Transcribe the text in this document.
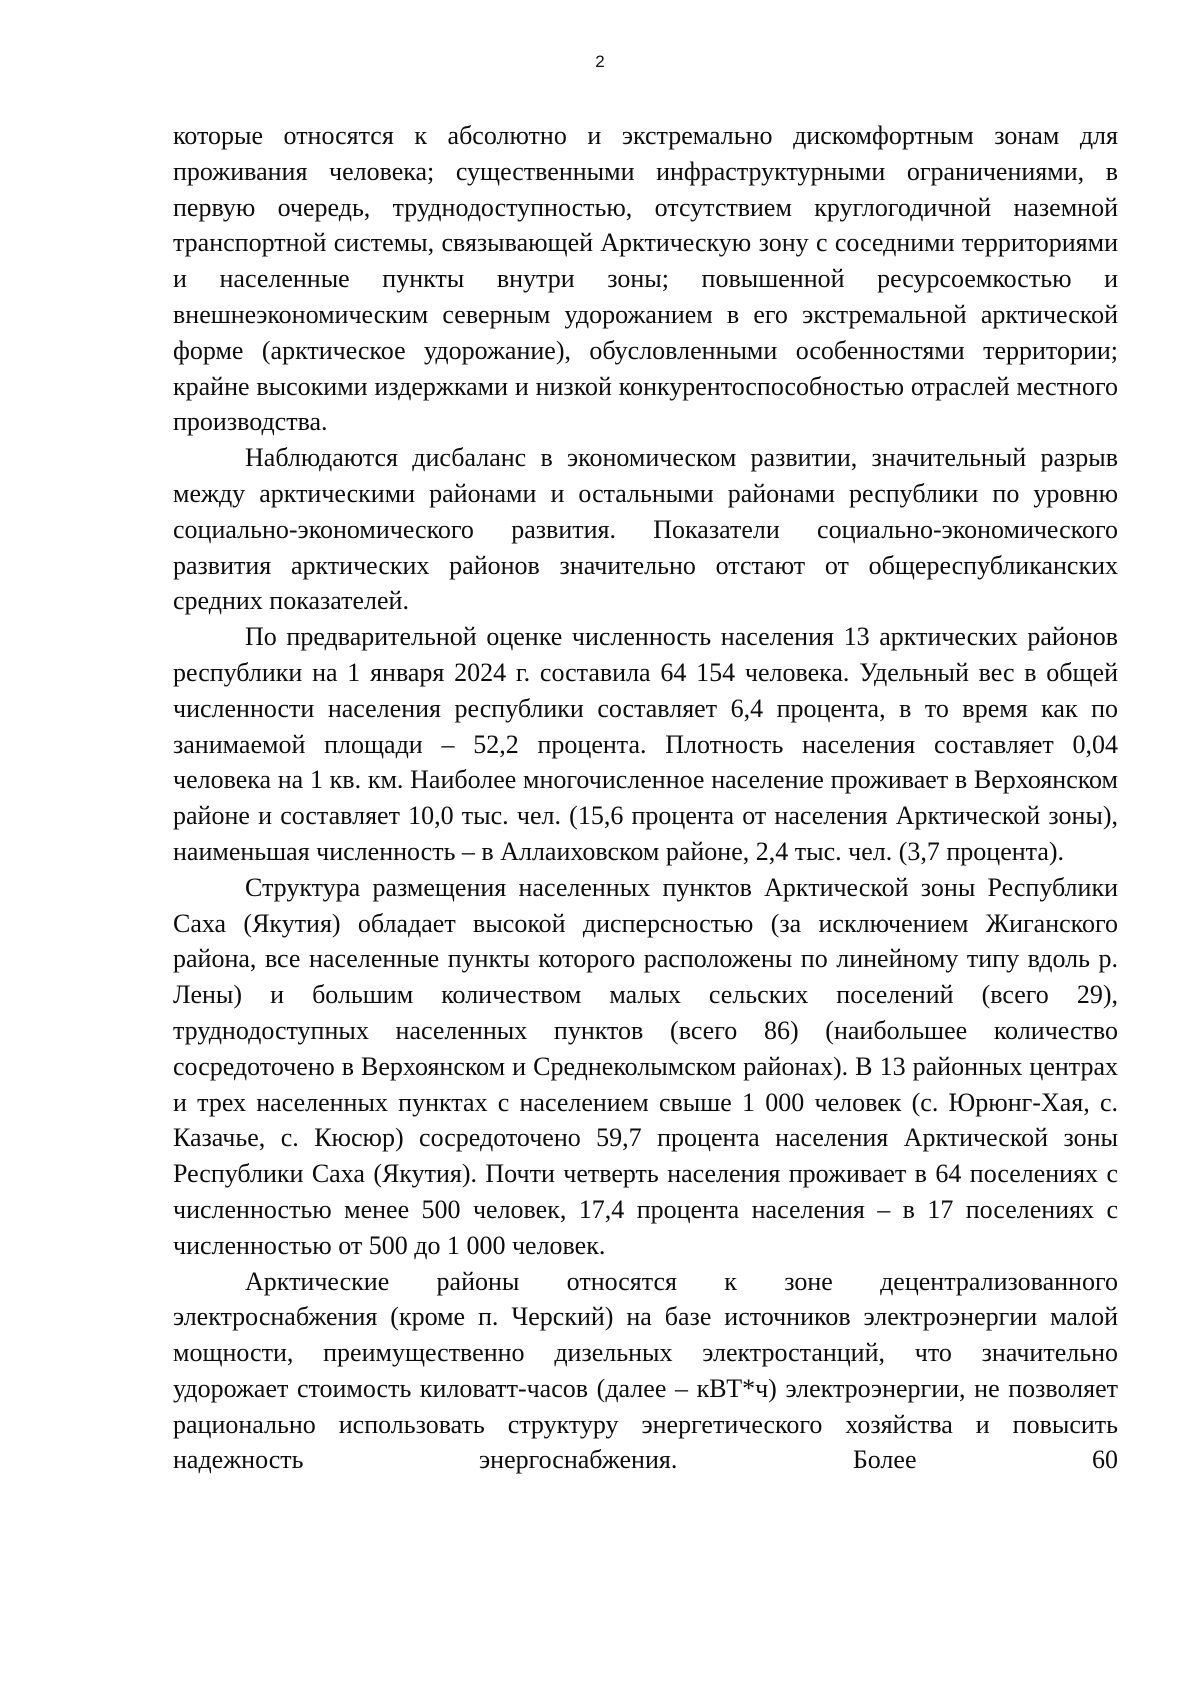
2

которые относятся к абсолютно и экстремально дискомфортным зонам для проживания человека; существенными инфраструктурными ограничениями, в первую очередь, труднодоступностью, отсутствием круглогодичной наземной транспортной системы, связывающей Арктическую зону с соседними территориями и населенные пункты внутри зоны; повышенной ресурсоемкостью и внешнеэкономическим северным удорожанием в его экстремальной арктической форме (арктическое удорожание), обусловленными особенностями территории; крайне высокими издержками и низкой конкурентоспособностью отраслей местного производства.

Наблюдаются дисбаланс в экономическом развитии, значительный разрыв между арктическими районами и остальными районами республики по уровню социально-экономического развития. Показатели социально-экономического развития арктических районов значительно отстают от общереспубликанских средних показателей.

По предварительной оценке численность населения 13 арктических районов республики на 1 января 2024 г. составила 64 154 человека. Удельный вес в общей численности населения республики составляет 6,4 процента, в то время как по занимаемой площади – 52,2 процента. Плотность населения составляет 0,04 человека на 1 кв. км. Наиболее многочисленное население проживает в Верхоянском районе и составляет 10,0 тыс. чел. (15,6 процента от населения Арктической зоны), наименьшая численность – в Аллаиховском районе, 2,4 тыс. чел. (3,7 процента).

Структура размещения населенных пунктов Арктической зоны Республики Саха (Якутия) обладает высокой дисперсностью (за исключением Жиганского района, все населенные пункты которого расположены по линейному типу вдоль р. Лены) и большим количеством малых сельских поселений (всего 29), труднодоступных населенных пунктов (всего 86) (наибольшее количество сосредоточено в Верхоянском и Среднеколымском районах). В 13 районных центрах и трех населенных пунктах с населением свыше 1 000 человек (с. Юрюнг-Хая, с. Казачье, с. Кюсюр) сосредоточено 59,7 процента населения Арктической зоны Республики Саха (Якутия). Почти четверть населения проживает в 64 поселениях с численностью менее 500 человек, 17,4 процента населения – в 17 поселениях с численностью от 500 до 1 000 человек.

Арктические районы относятся к зоне децентрализованного электроснабжения (кроме п. Черский) на базе источников электроэнергии малой мощности, преимущественно дизельных электростанций, что значительно удорожает стоимость киловатт-часов (далее – кВТ*ч) электроэнергии, не позволяет рационально использовать структуру энергетического хозяйства и повысить надежность энергоснабжения. Более 60
